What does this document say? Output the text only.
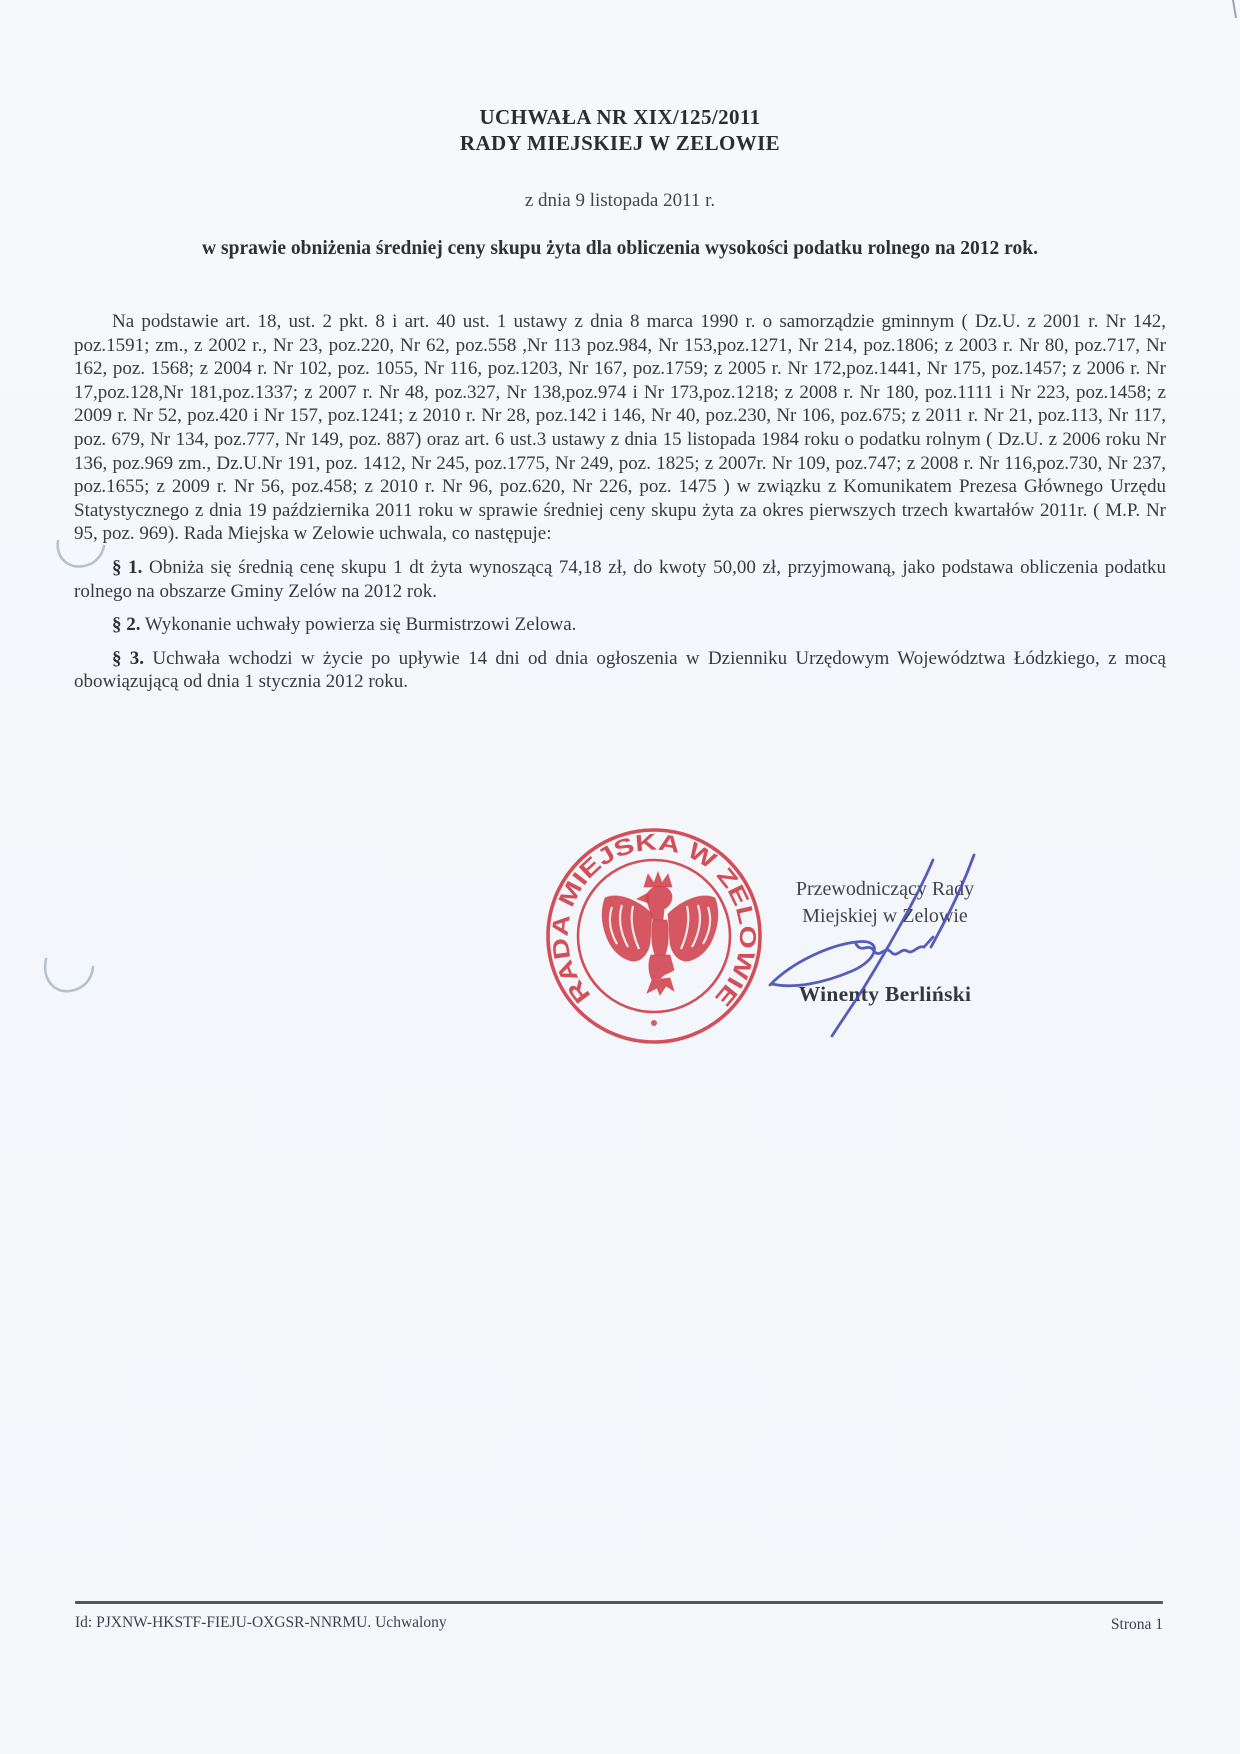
UCHWAŁA NR XIX/125/2011
RADY MIEJSKIEJ W ZELOWIE
z dnia 9 listopada 2011 r.
w sprawie obniżenia średniej ceny skupu żyta dla obliczenia wysokości podatku rolnego na 2012 rok.

Na podstawie art. 18, ust. 2 pkt. 8 i art. 40 ust. 1 ustawy z dnia 8 marca 1990 r. o samorządzie gminnym ( Dz.U. z 2001 r. Nr 142, poz.1591; zm., z 2002 r., Nr 23, poz.220, Nr 62, poz.558 ,Nr 113 poz.984, Nr 153,poz.1271, Nr 214, poz.1806; z 2003 r. Nr 80, poz.717, Nr 162, poz. 1568; z 2004 r. Nr 102, poz. 1055, Nr 116, poz.1203, Nr 167, poz.1759; z 2005 r. Nr 172,poz.1441, Nr 175, poz.1457; z 2006 r. Nr 17,poz.128,Nr 181,poz.1337; z 2007 r. Nr 48, poz.327, Nr 138,poz.974 i Nr 173,poz.1218; z 2008 r. Nr 180, poz.1111 i Nr 223, poz.1458; z 2009 r. Nr 52, poz.420 i Nr 157, poz.1241; z 2010 r. Nr 28, poz.142 i 146, Nr 40, poz.230, Nr 106, poz.675; z 2011 r. Nr 21, poz.113, Nr 117, poz. 679, Nr 134, poz.777, Nr 149, poz. 887) oraz art. 6 ust.3 ustawy z dnia 15 listopada 1984 roku o podatku rolnym ( Dz.U. z 2006 roku Nr 136, poz.969 zm., Dz.U.Nr 191, poz. 1412, Nr 245, poz.1775, Nr 249, poz. 1825; z 2007r. Nr 109, poz.747; z 2008 r. Nr 116,poz.730, Nr 237, poz.1655; z 2009 r. Nr 56, poz.458; z 2010 r. Nr 96, poz.620, Nr 226, poz. 1475 ) w związku z Komunikatem Prezesa Głównego Urzędu Statystycznego z dnia 19 października 2011 roku w sprawie średniej ceny skupu żyta za okres pierwszych trzech kwartałów 2011r. ( M.P. Nr 95, poz. 969). Rada Miejska w Zelowie uchwala, co następuje:

§ 1. Obniża się średnią cenę skupu 1 dt żyta wynoszącą 74,18 zł, do kwoty 50,00 zł, przyjmowaną, jako podstawa obliczenia podatku rolnego na obszarze Gminy Zelów na 2012 rok.

§ 2. Wykonanie uchwały powierza się Burmistrzowi Zelowa.

§ 3. Uchwała wchodzi w życie po upływie 14 dni od dnia ogłoszenia w Dzienniku Urzędowym Województwa Łódzkiego, z mocą obowiązującą od dnia 1 stycznia 2012 roku.

RADA MIEJSKA W ZELOWIE
Przewodniczący Rady
Miejskiej w Zelowie
Winenty Berliński
Id: PJXNW-HKSTF-FIEJU-OXGSR-NNRMU. Uchwalony	Strona 1
